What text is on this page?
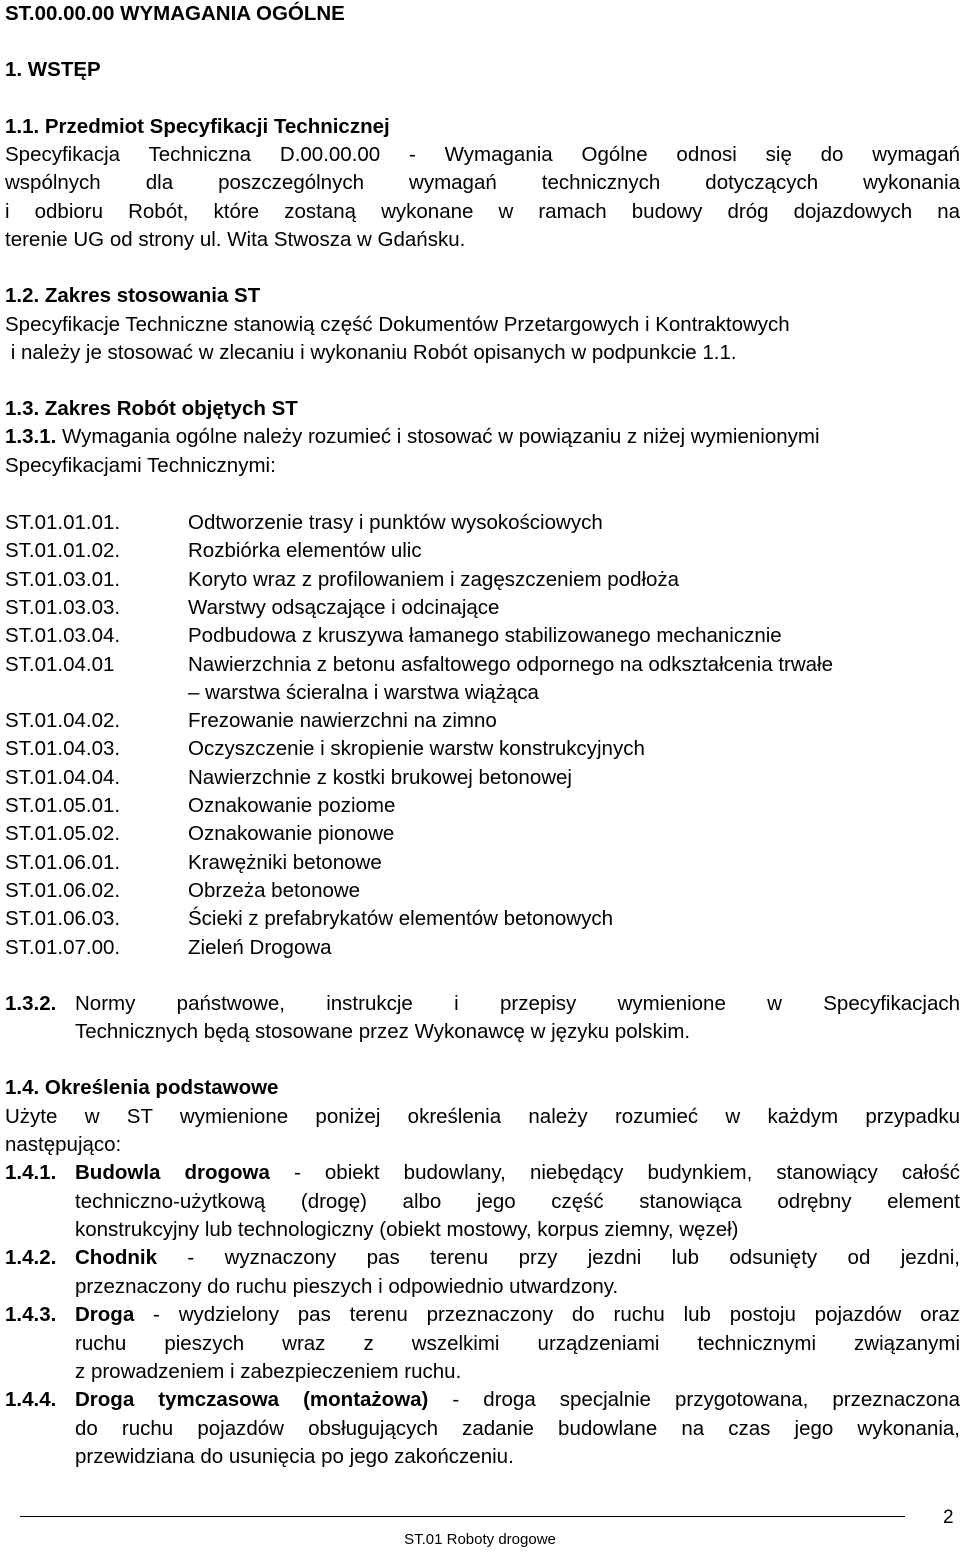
ST.00.00.00 WYMAGANIA OGÓLNE
1. WSTĘP
1.1. Przedmiot Specyfikacji Technicznej
Specyfikacja Techniczna D.00.00.00 - Wymagania Ogólne odnosi się do wymagań
wspólnych dla poszczególnych wymagań technicznych dotyczących wykonania
i odbioru Robót, które zostaną wykonane w ramach budowy dróg dojazdowych na
terenie UG od strony ul. Wita Stwosza w Gdańsku.
1.2. Zakres stosowania ST
Specyfikacje Techniczne stanowią część Dokumentów Przetargowych i Kontraktowych
i należy je stosować w zlecaniu i wykonaniu Robót opisanych w podpunkcie 1.1.
1.3. Zakres Robót objętych ST
1.3.1. Wymagania ogólne należy rozumieć i stosować w powiązaniu z niżej wymienionymi
Specyfikacjami Technicznymi:
ST.01.01.01.	Odtworzenie trasy i punktów wysokościowych
ST.01.01.02.	Rozbiórka elementów ulic
ST.01.03.01.	Koryto wraz z profilowaniem i zagęszczeniem podłoża
ST.01.03.03.	Warstwy odsączające i odcinające
ST.01.03.04.	Podbudowa z kruszywa łamanego stabilizowanego mechanicznie
ST.01.04.01	Nawierzchnia z betonu asfaltowego odpornego na odkształcenia trwałe
– warstwa ścieralna i warstwa wiążąca
ST.01.04.02.	Frezowanie nawierzchni na zimno
ST.01.04.03.	Oczyszczenie i skropienie warstw konstrukcyjnych
ST.01.04.04.	Nawierzchnie z kostki brukowej betonowej
ST.01.05.01.	Oznakowanie poziome
ST.01.05.02.	Oznakowanie pionowe
ST.01.06.01.	Krawężniki betonowe
ST.01.06.02.	Obrzeża betonowe
ST.01.06.03.	Ścieki z prefabrykatów elementów betonowych
ST.01.07.00.	Zieleń Drogowa
1.3.2. Normy państwowe, instrukcje i przepisy wymienione w Specyfikacjach
Technicznych będą stosowane przez Wykonawcę w języku polskim.
1.4. Określenia podstawowe
Użyte w ST wymienione poniżej określenia należy rozumieć w każdym przypadku
następująco:
1.4.1. Budowla drogowa - obiekt budowlany, niebędący budynkiem, stanowiący całość
techniczno-użytkową (drogę) albo jego część stanowiąca odrębny element
konstrukcyjny lub technologiczny (obiekt mostowy, korpus ziemny, węzeł)
1.4.2. Chodnik - wyznaczony pas terenu przy jezdni lub odsunięty od jezdni,
przeznaczony do ruchu pieszych i odpowiednio utwardzony.
1.4.3. Droga - wydzielony pas terenu przeznaczony do ruchu lub postoju pojazdów oraz
ruchu pieszych wraz z wszelkimi urządzeniami technicznymi związanymi
z prowadzeniem i zabezpieczeniem ruchu.
1.4.4. Droga tymczasowa (montażowa) - droga specjalnie przygotowana, przeznaczona
do ruchu pojazdów obsługujących zadanie budowlane na czas jego wykonania,
przewidziana do usunięcia po jego zakończeniu.
2
ST.01 Roboty drogowe
